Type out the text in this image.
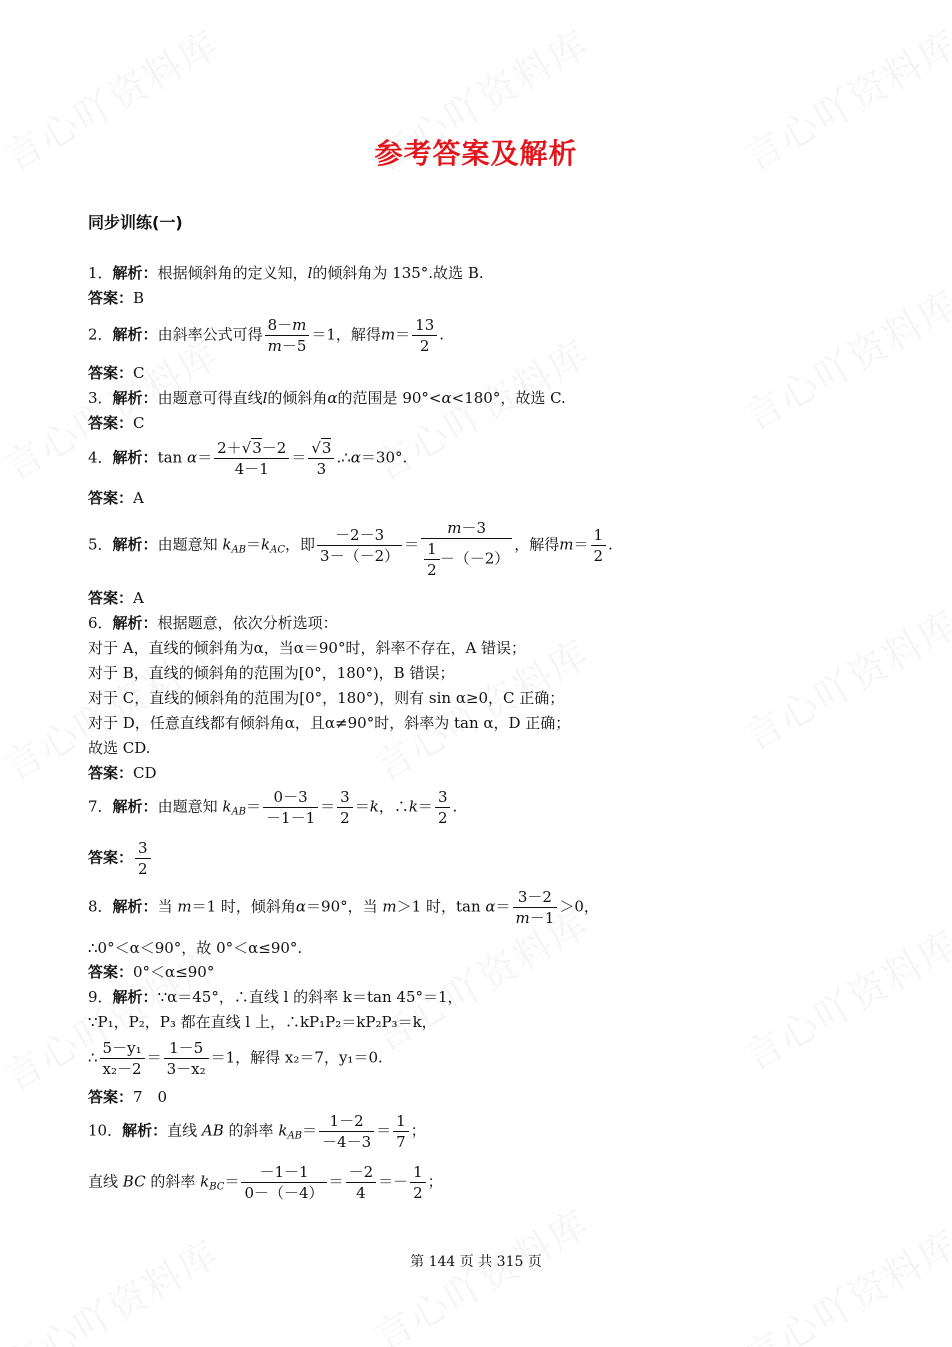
参考答案及解析
同步训练(一)
1．解析：根据倾斜角的定义知，l的倾斜角为 135°.故选 B.
答案：B
2．解析：由斜率公式可得 $\frac{8-m}{m-5} =1$，解得$m= \frac{13}{2}$ .
答案：C
3．解析：由题意可得直线l的倾斜角α的范围是 90°<α<180°，故选 C.
答案：C
4．解析：$\tan \alpha= \frac{2+√3-2}{4-1} = \frac{√3}{3}$ .∴α＝30°.
答案：A
5．解析：由题意知 $k_{AB}=k_{AC}$，即 $\frac{-2-3}{3-(-2)} = \frac{m-3}{\frac{1}{2} -(-2)}$ ，解得$m= \frac{1}{2}$ .
答案：A
6．解析：根据题意，依次分析选项：
对于 A，直线的倾斜角为α，当α＝90°时，斜率不存在，A 错误；
对于 B，直线的倾斜角的范围为[0°，180°)，B 错误；
对于 C，直线的倾斜角的范围为[0°，180°)，则有 sin α≥0，C 正确；
对于 D，任意直线都有倾斜角α，且α≠90°时，斜率为 tan α，D 正确；
故选 CD.
答案：CD
7．解析：由题意知 $k_{AB}= \frac{0-3}{-1-1} = \frac{3}{2} =k$，∴k＝ $\frac{3}{2}$ .
答案： $\frac{3}{2}$
8．解析：当 m＝1 时，倾斜角α＝90°，当 m＞1 时，$\tan \alpha= \frac{3-2}{m-1} >0$，
∴0°＜α＜90°，故 0°＜α≤90°.
答案：0°＜α≤90°
9．解析：∵α＝45°，∴直线 l 的斜率 k＝tan 45°＝1，
∵P₁，P₂，P₃ 都在直线 l 上，∴kP₁P₂＝kP₂P₃＝k，
∴ $\frac{\text{5－y₁}}{\text{x₂－2}} = \frac{1-5}{\text{3－x₂}} =1$，解得 x₂＝7，y₁＝0.
答案：7　0
10．解析：直线 AB 的斜率 $k_{AB}= \frac{1-2}{-4-3} = \frac{1}{7}$ ；
直线 BC 的斜率 $k_{BC}= \frac{-1-1}{0-(-4)} = \frac{-2}{4} =- \frac{1}{2}$ ；
第 144 页 共 315 页
